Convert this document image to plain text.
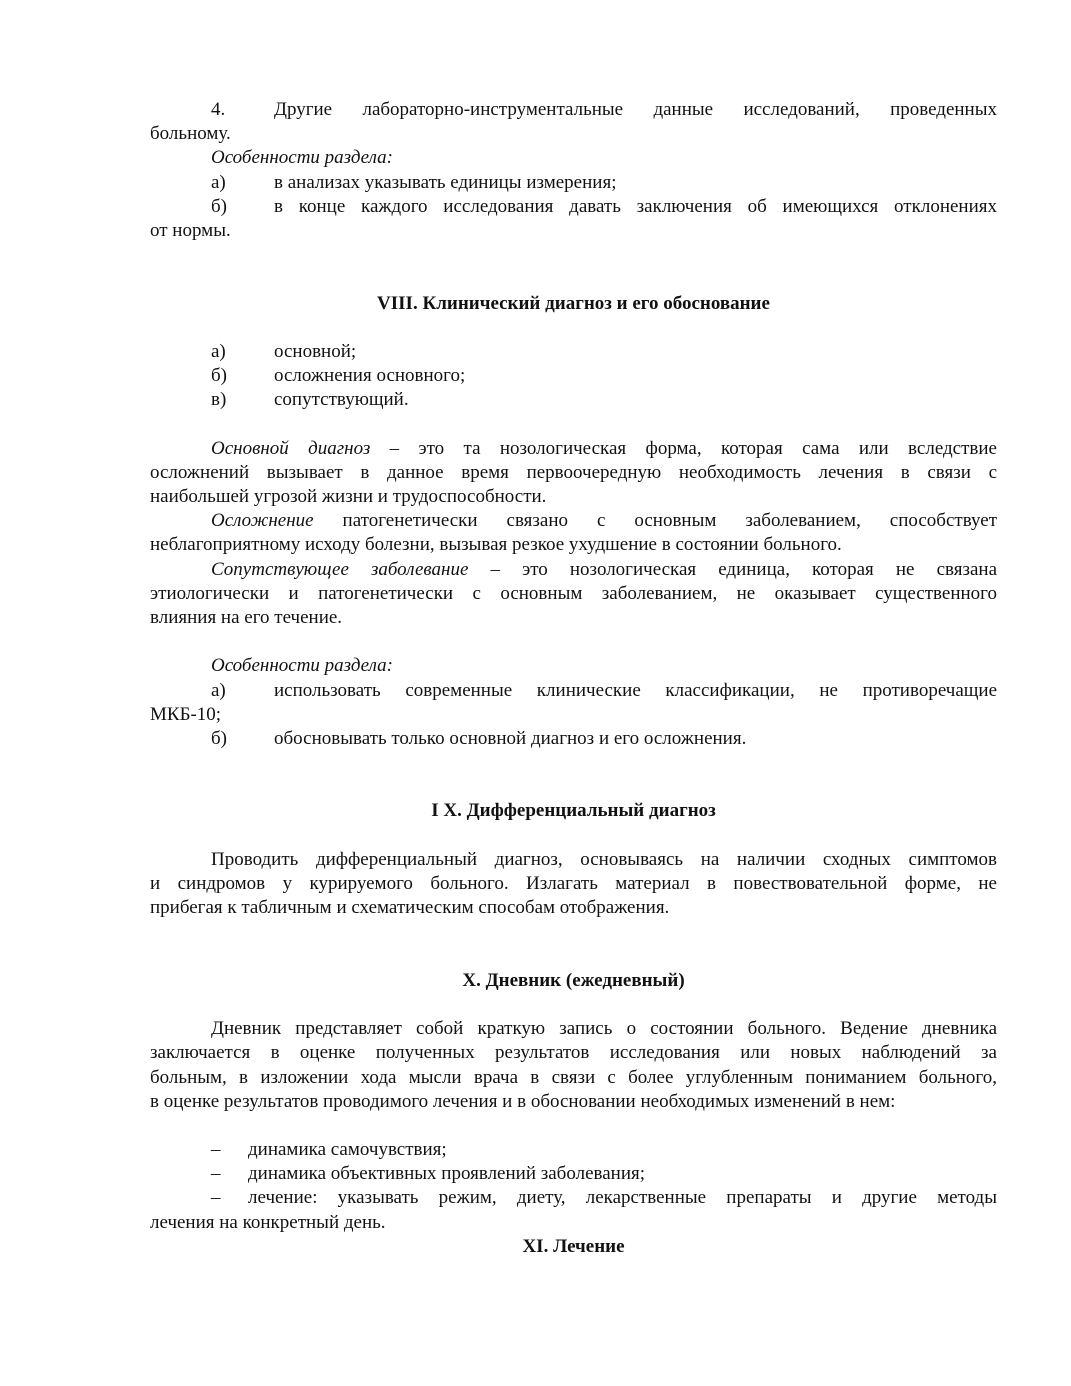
4.	Другие лабораторно-инструментальные данные исследований, проведенных
больному.
Особенности раздела:
а)	в анализах указывать единицы измерения;
б) в конце каждого исследования давать заключения об имеющихся отклонениях
от нормы.
VIII. Клинический диагноз и его обоснование
а)	основной;
б) осложнения основного;
в)	сопутствующий.
Основной диагноз – это та нозологическая форма, которая сама или вследствие
осложнений вызывает в данное время первоочередную необходимость лечения в связи с
наибольшей угрозой жизни и трудоспособности.
Осложнение патогенетически связано с основным заболеванием, способствует
неблагоприятному исходу болезни, вызывая резкое ухудшение в состоянии больного.
Сопутствующее заболевание – это нозологическая единица, которая не связана
этиологически и патогенетически с основным заболеванием, не оказывает существенного
влияния на его течение.
Особенности раздела:
а)	использовать современные клинические классификации, не противоречащие
МКБ-10;
б) обосновывать только основной диагноз и его осложнения.
I X. Дифференциальный диагноз
Проводить дифференциальный диагноз, основываясь на наличии сходных симптомов
и синдромов у курируемого больного. Излагать материал в повествовательной форме, не
прибегая к табличным и схематическим способам отображения.
X. Дневник (ежедневный)
Дневник представляет собой краткую запись о состоянии больного. Ведение дневника
заключается в оценке полученных результатов исследования или новых наблюдений за
больным, в изложении хода мысли врача в связи с более углубленным пониманием больного,
в оценке результатов проводимого лечения и в обосновании необходимых изменений в нем:
– динамика самочувствия;
– динамика объективных проявлений заболевания;
– лечение: указывать режим, диету, лекарственные препараты и другие методы
лечения на конкретный день.
XI. Лечение
